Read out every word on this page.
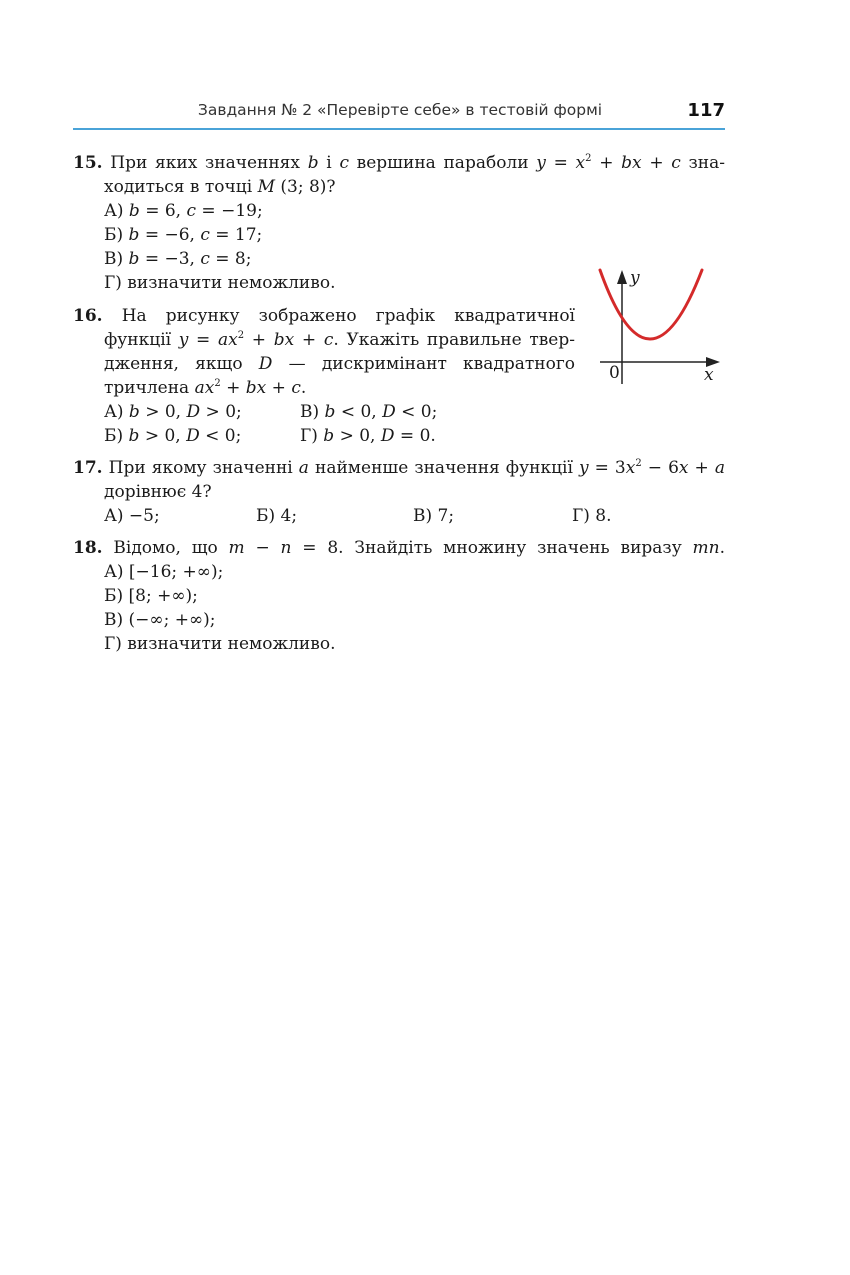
Завдання № 2 «Перевірте себе» в тестовій формі	117
15. При яких значеннях b і c вершина параболи $y = x^2$ + bx + c зна-
ходиться в точці M (3; 8)?
А) b = 6, c = −19;
Б) b = −6, c = 17;
В) b = −3, c = 8;
Г) визначити неможливо.
16. На рисунку зображено графік квадратичної
функції $y = ax^2$ + bx + c. Укажіть правильне твер-
дження, якщо D — дискримінант квадратного
тричлена $ax^2$ + bx + c.
А) b > 0, D > 0;	В) b < 0, D < 0;
Б) b > 0, D < 0;	Г) b > 0, D = 0.
y
x
0
17. При якому значенні a найменше значення функції $y = 3x^2 - 6x + a$
дорівнює 4?
А) −5;	Б) 4;	В) 7;	Г) 8.
18. Відомо, що m − n = 8. Знайдіть множину значень виразу mn.
А) [−16; +∞);
Б) [8; +∞);
В) (−∞; +∞);
Г) визначити неможливо.
